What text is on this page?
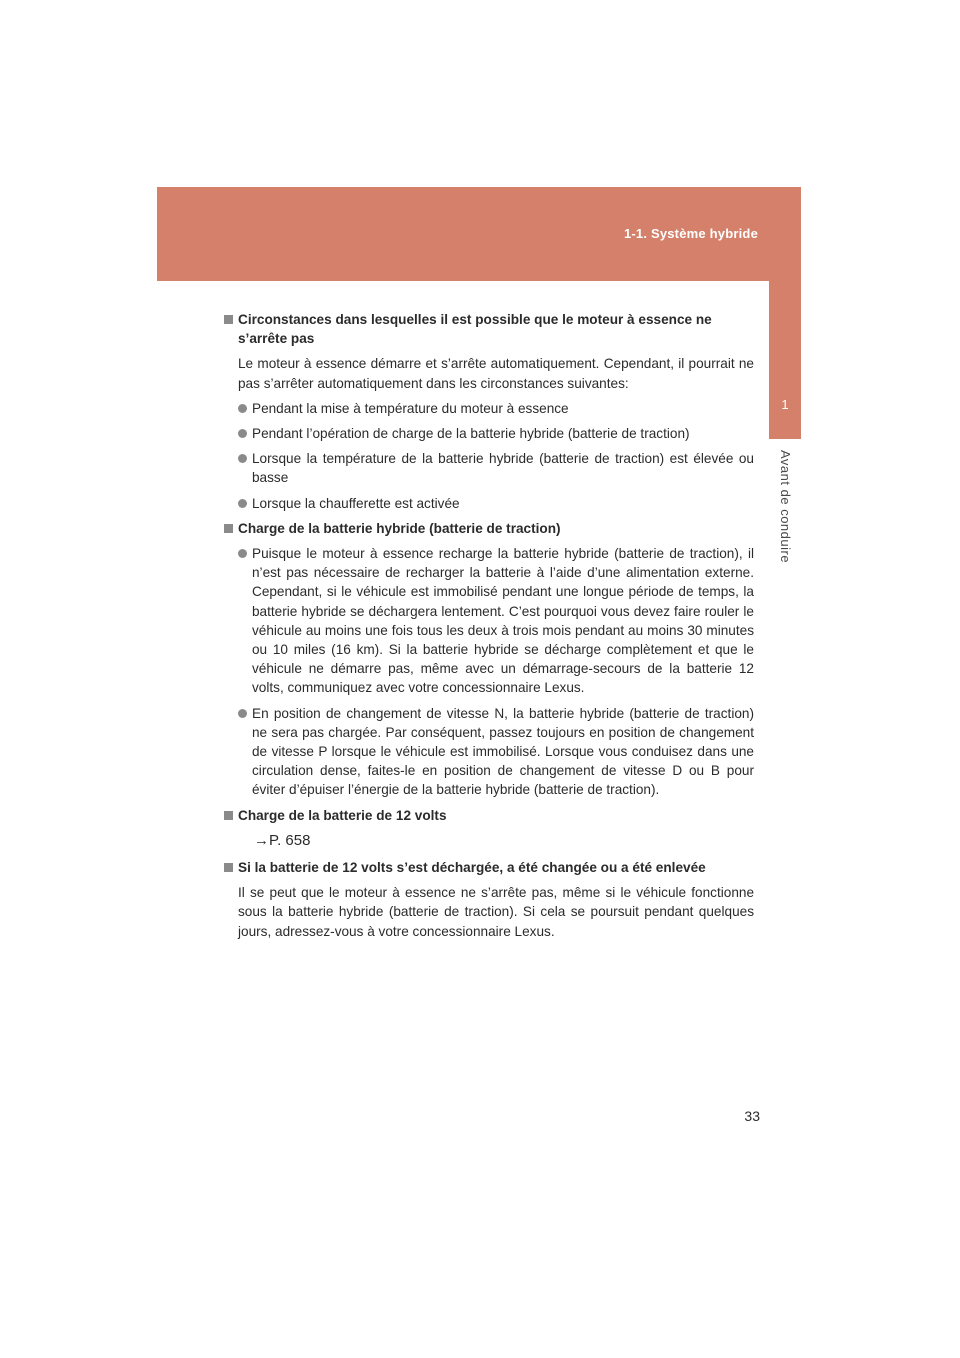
1-1. Système hybride
1
Avant de conduire
Circonstances dans lesquelles il est possible que le moteur à essence ne s’arrête pas

Le moteur à essence démarre et s’arrête automatiquement. Cependant, il pourrait ne pas s’arrêter automatiquement dans les circonstances suivantes:

Pendant la mise à température du moteur à essence
Pendant l’opération de charge de la batterie hybride (batterie de traction)
Lorsque la température de la batterie hybride (batterie de traction) est élevée ou basse
Lorsque la chaufferette est activée
Charge de la batterie hybride (batterie de traction)
Puisque le moteur à essence recharge la batterie hybride (batterie de traction), il n’est pas nécessaire de recharger la batterie à l’aide d’une alimentation externe. Cependant, si le véhicule est immobilisé pendant une longue période de temps, la batterie hybride se déchargera lentement. C’est pourquoi vous devez faire rouler le véhicule au moins une fois tous les deux à trois mois pendant au moins 30 minutes ou 10 miles (16 km). Si la batterie hybride se décharge complètement et que le véhicule ne démarre pas, même avec un démarrage-secours de la batterie 12 volts, communiquez avec votre concessionnaire Lexus.
En position de changement de vitesse N, la batterie hybride (batterie de traction) ne sera pas chargée. Par conséquent, passez toujours en position de changement de vitesse P lorsque le véhicule est immobilisé. Lorsque vous conduisez dans une circulation dense, faites-le en position de changement de vitesse D ou B pour éviter d’épuiser l’énergie de la batterie hybride (batterie de traction).
Charge de la batterie de 12 volts
→P. 658
Si la batterie de 12 volts s’est déchargée, a été changée ou a été enlevée

Il se peut que le moteur à essence ne s’arrête pas, même si le véhicule fonctionne sous la batterie hybride (batterie de traction). Si cela se poursuit pendant quelques jours, adressez-vous à votre concessionnaire Lexus.

33
